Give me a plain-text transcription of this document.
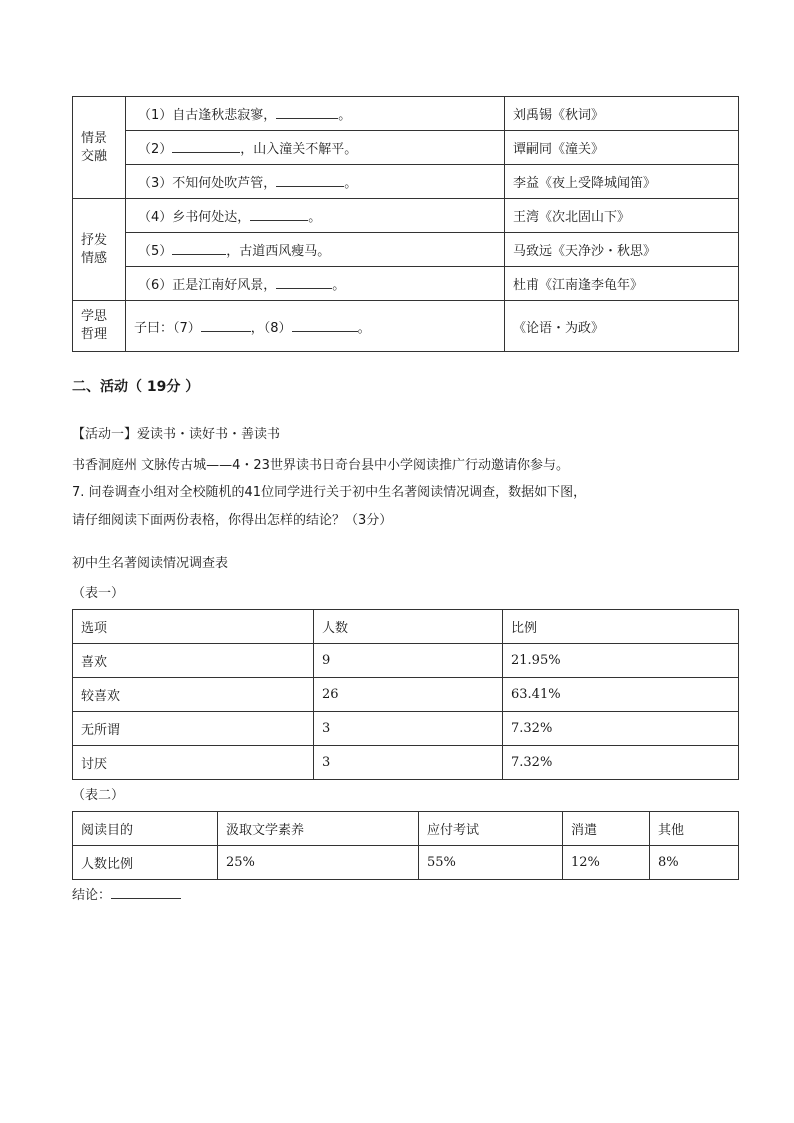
情景
交融	（1）自古逢秋悲寂寥， 。	刘禹锡《秋词》
	（2） ，山入潼关不解平。	谭嗣同《潼关》
	（3）不知何处吹芦管， 。	李益《夜上受降城闻笛》
抒发
情感	（4）乡书何处达， 。	王湾《次北固山下》
	（5） ，古道西风瘦马。	马致远《天净沙・秋思》
	（6）正是江南好风景， 。	杜甫《江南逢李龟年》
学思
哲理	子曰：（7） ，（8） 。	《论语・为政》
二、活动（ 19分 ）
【活动一】爱读书・读好书・善读书
书香洞庭州 文脉传古城——4・23世界读书日奇台县中小学阅读推广行动邀请你参与。
7. 问卷调查小组对全校随机的41位同学进行关于初中生名著阅读情况调查，数据如下图，
请仔细阅读下面两份表格，你得出怎样的结论？（3分）
初中生名著阅读情况调查表
（表一）
选项	人数	比例
喜欢	9	21.95%
较喜欢	26	63.41%
无所谓	3	7.32%
讨厌	3	7.32%
（表二）
阅读目的	汲取文学素养	应付考试	消遣	其他
人数比例	25%	55%	12%	8%
结论：
